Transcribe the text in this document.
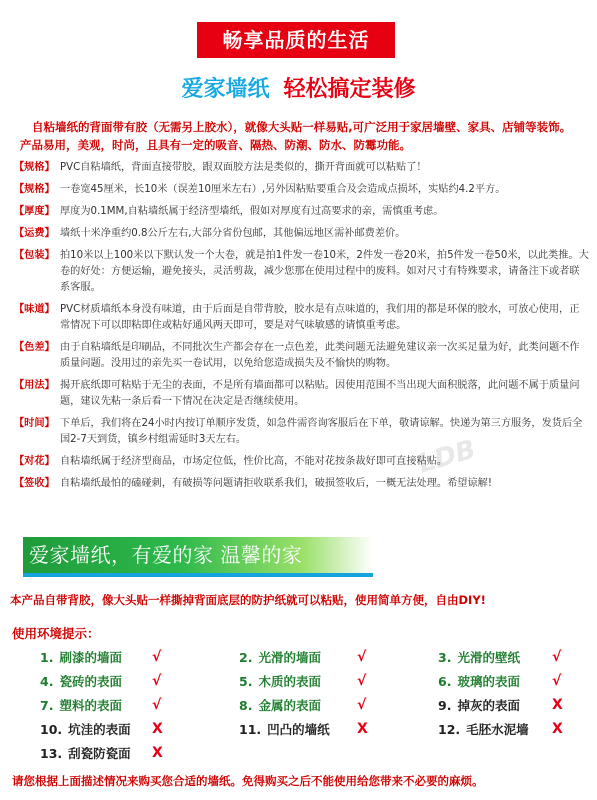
畅享品质的生活
爱家墙纸 轻松搞定装修
自粘墙纸的背面带有胶（无需另上胶水），就像大头贴一样易贴,可广泛用于家居墙壁、家具、店铺等装饰。产品易用，美观，时尚，且具有一定的吸音、隔热、防潮、防水、防霉功能。
LDB
【规格】 PVC自粘墙纸，背面直接带胶，跟双面胶方法是类似的，撕开背面就可以粘贴了！
【规格】 一卷宽45厘米，长10米（误差10厘米左右）,另外因粘贴要重合及会造成点损坏，实贴约4.2平方。
【厚度】 厚度为0.1MM,自粘墙纸属于经济型墙纸，假如对厚度有过高要求的亲，需慎重考虑。
【运费】 墙纸十米净重约0.8公斤左右,大部分省份包邮，其他偏远地区需补邮费差价。
【包装】 拍10米以上100米以下默认发一个大卷，就是拍1件发一卷10米，2件发一卷20米，拍5件发一卷50米，以此类推。大卷的好处：方便运输，避免接头，灵活剪裁，减少您那在使用过程中的废料。如对尺寸有特殊要求，请备注下或者联系客服。
【味道】 PVC材质墙纸本身没有味道，由于后面是自带背胶，胶水是有点味道的，我们用的都是环保的胶水，可放心使用，正常情况下可以即粘即住或粘好通风两天即可，要是对气味敏感的请慎重考虑。
【色差】 由于自粘墙纸是印刷品，不同批次生产都会存在一点色差，此类问题无法避免建议亲一次买足量为好，此类问题不作质量问题。没用过的亲先买一卷试用，以免给您造成损失及不愉快的购物。
【用法】 揭开底纸即可粘贴于无尘的表面，不是所有墙面都可以粘贴。因使用范围不当出现大面积脱落，此问题不属于质量问题，建议先粘一条后看一下情况在决定是否继续使用。
【时间】 下单后，我们将在24小时内按订单顺序发货，如急件需咨询客服后在下单，敬请谅解。快递为第三方服务，发货后全国2-7天到货，镇乡村组需延时3天左右。
【对花】 自粘墙纸属于经济型商品，市场定位低，性价比高，不能对花按条裁好即可直接粘贴。
【签收】 自粘墙纸最怕的磕碰刺，有破损等问题请拒收联系我们，破损签收后，一概无法处理。希望谅解!
爱家墙纸，有爱的家 温馨的家
本产品自带背胶，像大头贴一样撕掉背面底层的防护纸就可以粘贴，使用简单方便，自由DIY!
使用环境提示：
1. 刷漆的墙面 √	2. 光滑的墙面	√	3. 光滑的壁纸 √
4. 瓷砖的表面 √	5. 木质的表面	√	6. 玻璃的表面 √
7. 塑料的表面 √	8. 金属的表面	√	9. 掉灰的表面 X
10. 坑洼的表面 X	11. 凹凸的墙纸 X	12. 毛胚水泥墙 X
13. 刮瓷防瓷面 X
请您根据上面描述情况来购买您合适的墙纸。免得购买之后不能使用给您带来不必要的麻烦。
